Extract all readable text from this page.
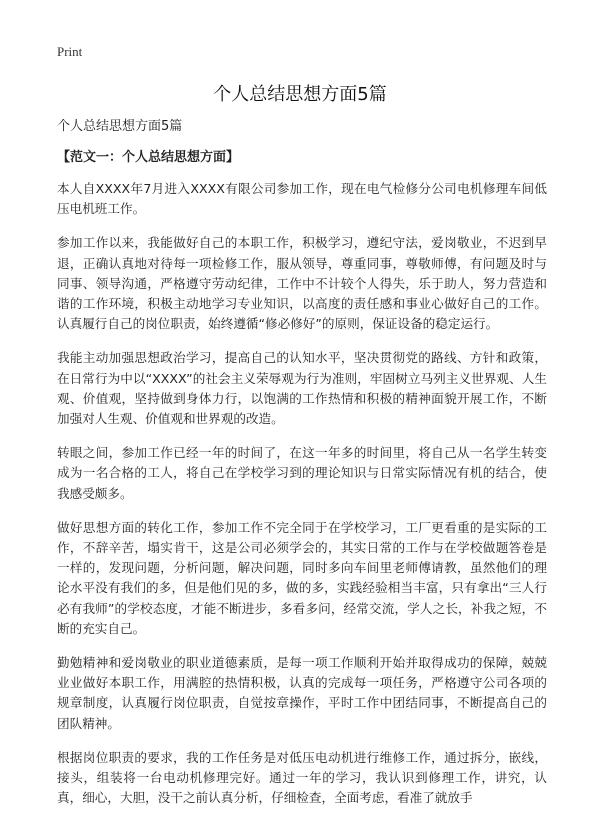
Print
个人总结思想方面5篇

个人总结思想方面5篇

【范文一：个人总结思想方面】

本人自XXXX年7月进入XXXX有限公司参加工作，现在电气检修分公司电机修理车间低压电机班工作。

参加工作以来，我能做好自己的本职工作，积极学习，遵纪守法，爱岗敬业，不迟到早退，正确认真地对待每一项检修工作，服从领导，尊重同事，尊敬师傅，有问题及时与同事、领导沟通，严格遵守劳动纪律，工作中不计较个人得失，乐于助人，努力营造和谐的工作环境，积极主动地学习专业知识，以高度的责任感和事业心做好自己的工作。认真履行自己的岗位职责，始终遵循“修必修好”的原则，保证设备的稳定运行。

我能主动加强思想政治学习，提高自己的认知水平，坚决贯彻党的路线、方针和政策，在日常行为中以“XXXX”的社会主义荣辱观为行为准则，牢固树立马列主义世界观、人生观、价值观，坚持做到身体力行，以饱满的工作热情和积极的精神面貌开展工作，不断加强对人生观、价值观和世界观的改造。

转眼之间，参加工作已经一年的时间了，在这一年多的时间里，将自己从一名学生转变成为一名合格的工人，将自己在学校学习到的理论知识与日常实际情况有机的结合，使我感受颇多。

做好思想方面的转化工作，参加工作不完全同于在学校学习，工厂更看重的是实际的工作，不辞辛苦，塌实肯干，这是公司必须学会的，其实日常的工作与在学校做题答卷是一样的，发现问题，分析问题，解决问题，同时多向车间里老师傅请教，虽然他们的理论水平没有我们的多，但是他们见的多，做的多，实践经验相当丰富，只有拿出“三人行必有我师”的学校态度，才能不断进步，多看多问，经常交流，学人之长，补我之短，不断的充实自己。

勤勉精神和爱岗敬业的职业道德素质，是每一项工作顺利开始并取得成功的保障，兢兢业业做好本职工作，用满腔的热情积极，认真的完成每一项任务，严格遵守公司各项的规章制度，认真履行岗位职责，自觉按章操作，平时工作中团结同事，不断提高自己的团队精神。

根据岗位职责的要求，我的工作任务是对低压电动机进行维修工作，通过拆分，嵌线，接头，组装将一台电动机修理完好。通过一年的学习，我认识到修理工作，讲究，认真，细心，大胆，没干之前认真分析，仔细检查，全面考虑，看准了就放手
